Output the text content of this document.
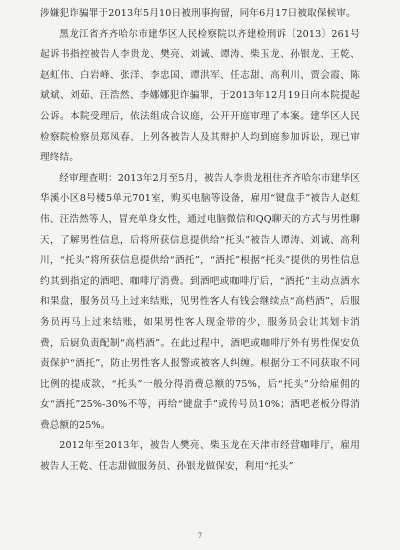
涉嫌犯诈骗罪于2013年5月10日被刑事拘留，同年6月17日被取保候审。

黑龙江省齐齐哈尔市建华区人民检察院以齐建检刑诉〔2013〕261号起诉书指控被告人李贵龙、樊亮、刘诚、谭涛、柴玉龙、孙银龙、王乾、赵虹伟、白岩峰、张洋、李忠国、谭洪军、任志甜、高利川、贾会霞、陈斌斌、刘茹、汪浩然、李娜娜犯诈骗罪，于2013年12月19日向本院提起公诉。本院受理后，依法组成合议庭，公开开庭审理了本案。建华区人民检察院检察员郑凤春、上列各被告人及其辩护人均到庭参加诉讼，现已审理终结。

经审理查明：2013年2月至5月，被告人李贵龙租住齐齐哈尔市建华区华溪小区8号楼5单元701室，购买电脑等设备，雇用“键盘手”被告人赵虹伟、汪浩然等人，冒充单身女性，通过电脑微信和QQ聊天的方式与男性聊天，了解男性信息，后将所获信息提供给“托头”被告人谭涛、刘诚、高利川，“托头”将所获信息提供给“酒托”，“酒托”根据“托头”提供的男性信息约其到指定的酒吧、咖啡厅消费。到酒吧或咖啡厅后，“酒托”主动点酒水和果盘，服务员马上过来结账，见男性客人有钱会继续点“高档酒”，后服务员再马上过来结账，如果男性客人现金带的少，服务员会让其划卡消费，后厨负责配制“高档酒”。在此过程中，酒吧或咖啡厅外有男性保安负责保护“酒托”，防止男性客人报警或被客人纠缠。根据分工不同获取不同比例的提成款，“托头”一般分得消费总额的75%，后“托头”分给雇佣的女“酒托”25%-30%不等，再给“键盘手”或传号员10%；酒吧老板分得消费总额的25%。

2012年至2013年，被告人樊亮、柴玉龙在天津市经营咖啡厅，雇用被告人王乾、任志甜做服务员、孙银龙做保安，利用“托头”

7
